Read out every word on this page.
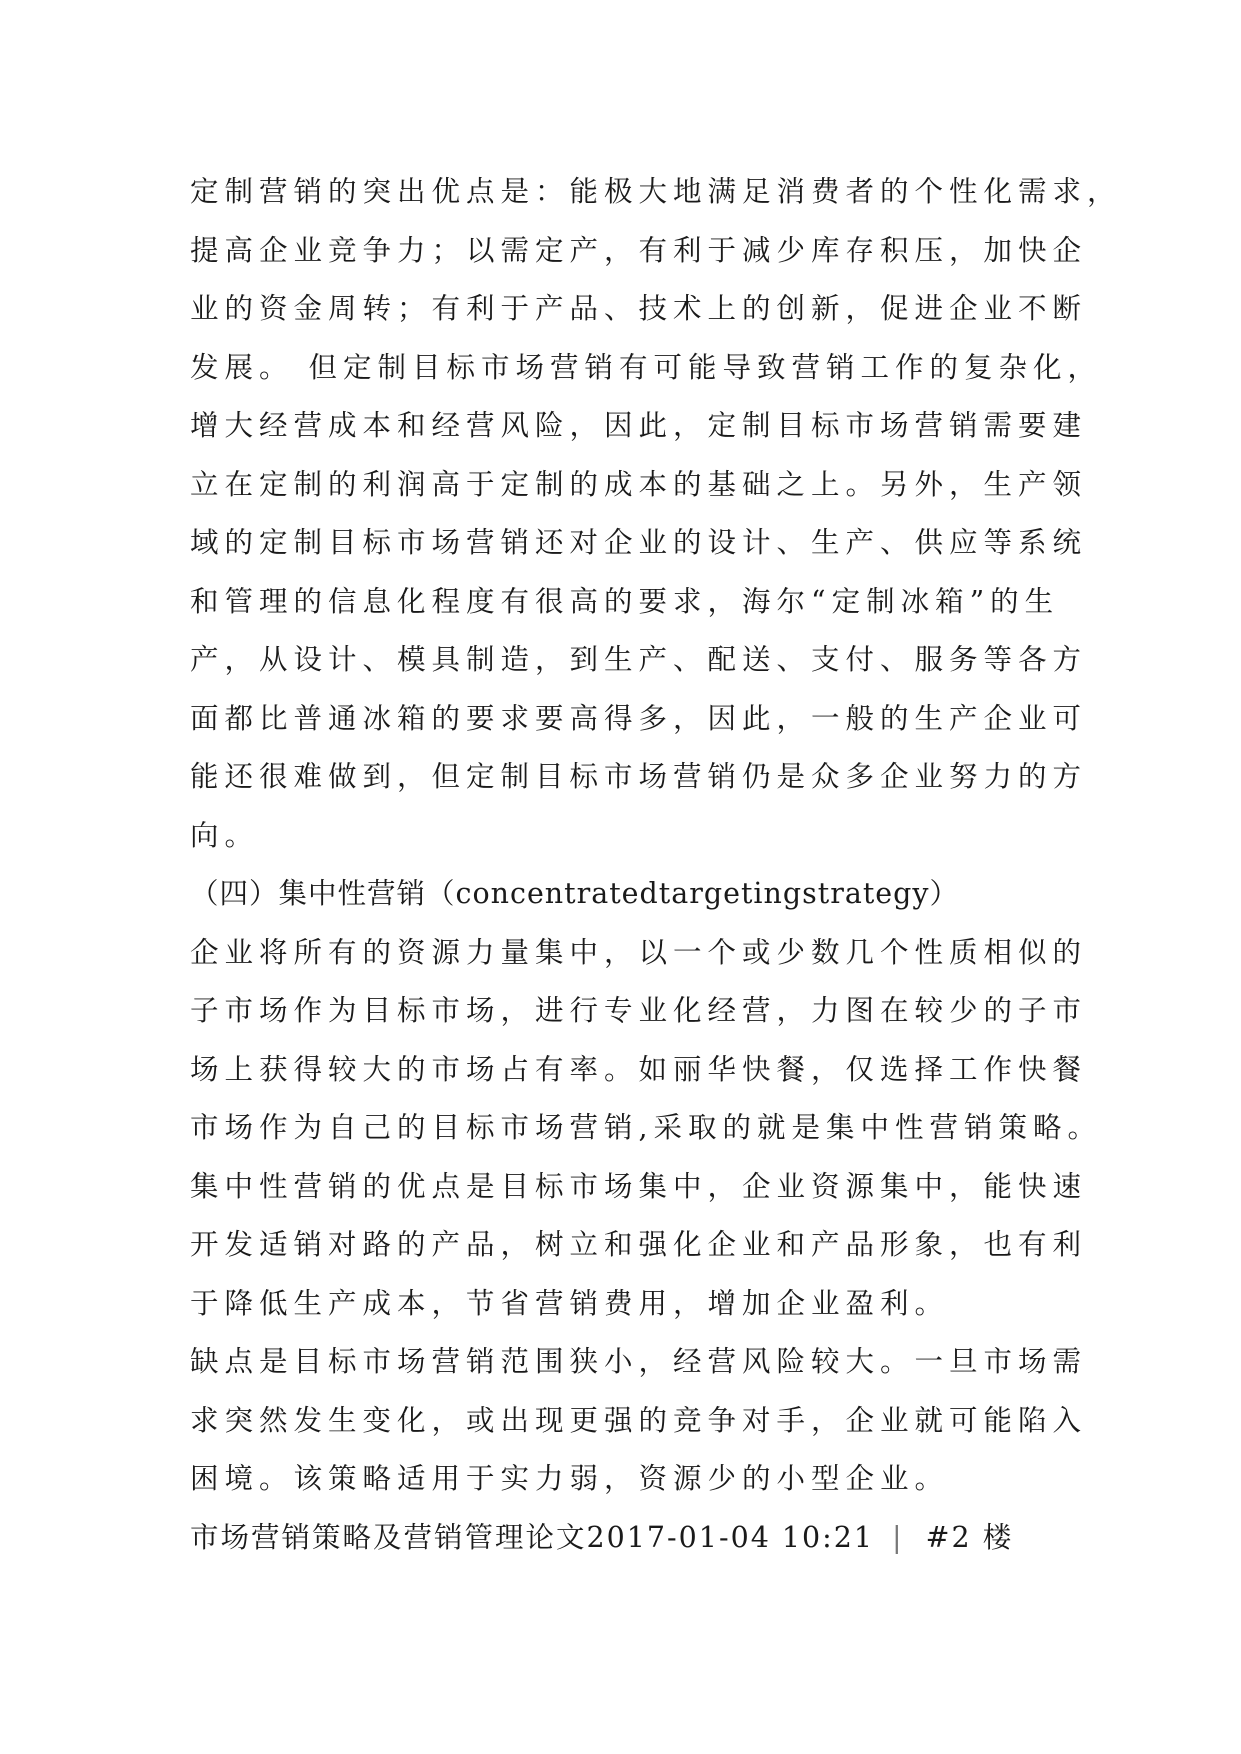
定制营销的突出优点是：能极大地满足消费者的个性化需求，
提高企业竞争力；以需定产，有利于减少库存积压，加快企
业的资金周转；有利于产品、技术上的创新，促进企业不断
发展。 但定制目标市场营销有可能导致营销工作的复杂化，
增大经营成本和经营风险，因此，定制目标市场营销需要建
立在定制的利润高于定制的成本的基础之上。另外，生产领
域的定制目标市场营销还对企业的设计、生产、供应等系统
和管理的信息化程度有很高的要求，海尔“定制冰箱”的生
产，从设计、模具制造，到生产、配送、支付、服务等各方
面都比普通冰箱的要求要高得多，因此，一般的生产企业可
能还很难做到，但定制目标市场营销仍是众多企业努力的方
向。
（四）集中性营销（concentratedtargetingstrategy）
企业将所有的资源力量集中，以一个或少数几个性质相似的
子市场作为目标市场，进行专业化经营，力图在较少的子市
场上获得较大的市场占有率。如丽华快餐，仅选择工作快餐
市场作为自己的目标市场营销,采取的就是集中性营销策略。
集中性营销的优点是目标市场集中，企业资源集中，能快速
开发适销对路的产品，树立和强化企业和产品形象，也有利
于降低生产成本，节省营销费用，增加企业盈利。
缺点是目标市场营销范围狭小，经营风险较大。一旦市场需
求突然发生变化，或出现更强的竞争对手，企业就可能陷入
困境。该策略适用于实力弱，资源少的小型企业。
市场营销策略及营销管理论文2017-01-04 10:21 | #2 楼
